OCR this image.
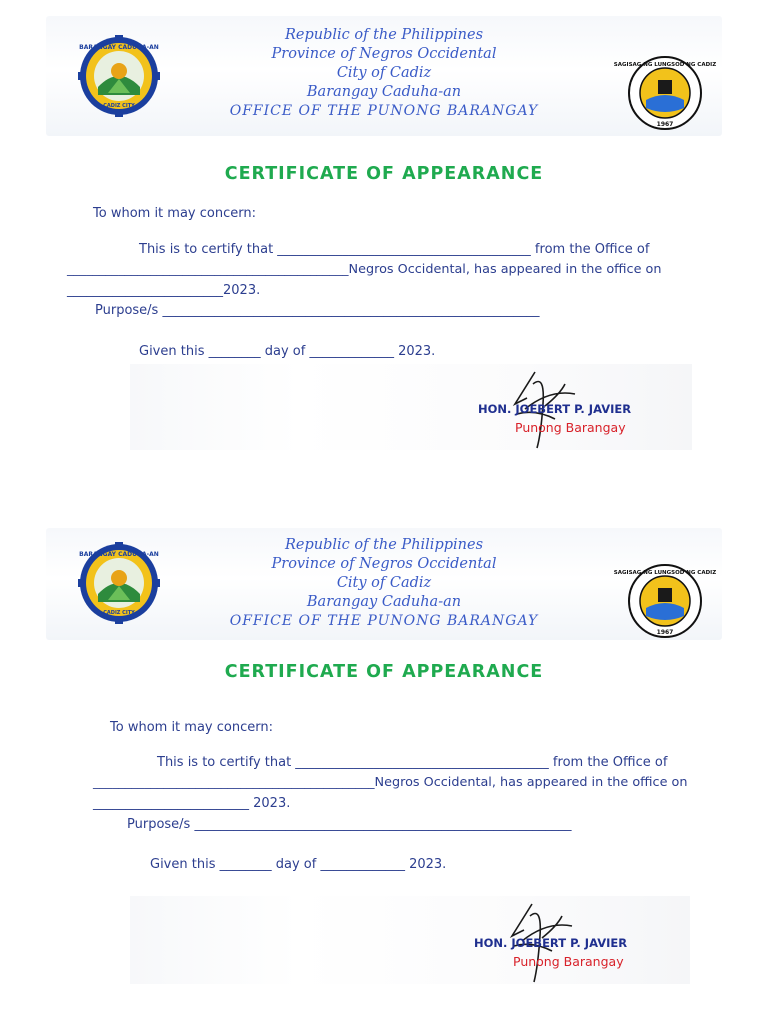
BARANGAY CADUHA-AN
CADIZ CITY
Republic of the Philippines
Province of Negros Occidental
City of Cadiz
Barangay Caduha-an
OFFICE OF THE PUNONG BARANGAY
SAGISAG NG LUNGSOD NG CADIZ
1967
CERTIFICATE OF APPEARANCE
To whom it may concern:
This is to certify that _______________________________________ from the Office of
____________________________________________Negros Occidental, has appeared in the office on
________________________2023.
Purpose/s __________________________________________________________
Given this ________ day of _____________ 2023.
HON. JOEBERT P. JAVIER
Punong Barangay
BARANGAY CADUHA-AN
CADIZ CITY
Republic of the Philippines
Province of Negros Occidental
City of Cadiz
Barangay Caduha-an
OFFICE OF THE PUNONG BARANGAY
SAGISAG NG LUNGSOD NG CADIZ
1967
CERTIFICATE OF APPEARANCE
To whom it may concern:
This is to certify that _______________________________________ from the Office of
____________________________________________Negros Occidental, has appeared in the office on
________________________ 2023.
Purpose/s __________________________________________________________
Given this ________ day of _____________ 2023.
HON. JOEBERT P. JAVIER
Punong Barangay
